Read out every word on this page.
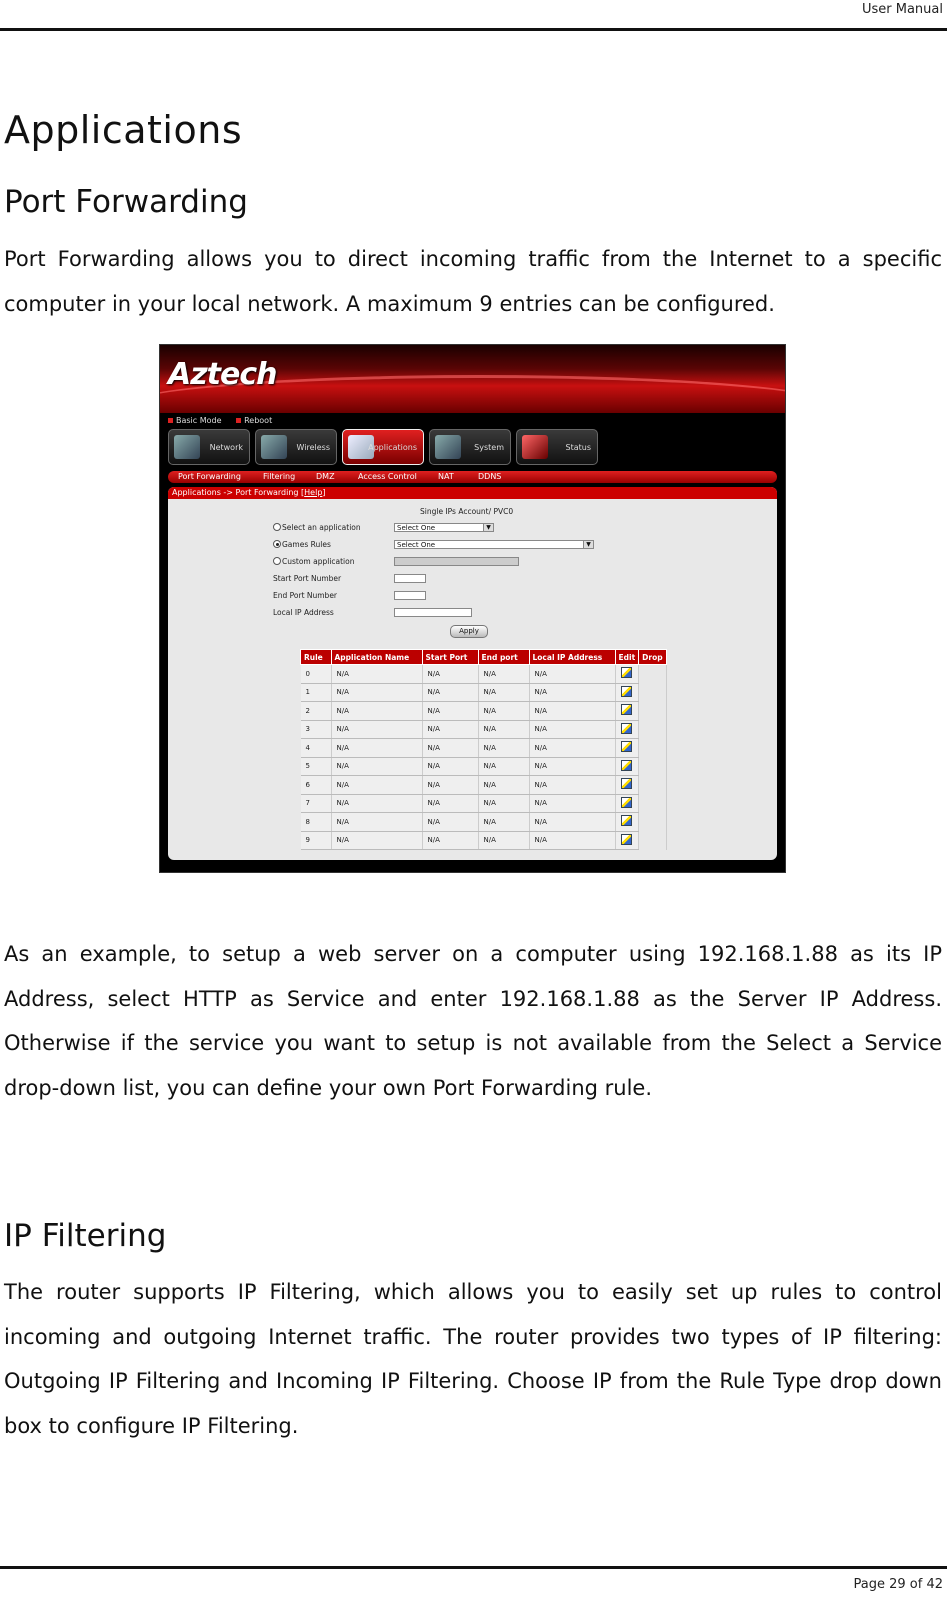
User Manual
Applications
Port Forwarding

Port Forwarding allows you to direct incoming traffic from the Internet to a specific computer in your local network. A maximum 9 entries can be configured.

Aztech
Basic Mode	Reboot
Network	Wireless	Applications	System	Status
Port Forwarding	Filtering	DMZ	Access Control	NAT	DDNS
Applications -> Port Forwarding [Help]
Single IPs Account/ PVC0
Select an application	Select One	▼
Games Rules	Select One	▼
Custom application
Start Port Number
End Port Number
Local IP Address
Apply
Rule	Application Name	Start Port	End port	Local IP Address	Edit	Drop
0	N/A	N/A	N/A	N/A		
1	N/A	N/A	N/A	N/A		
2	N/A	N/A	N/A	N/A		
3	N/A	N/A	N/A	N/A		
4	N/A	N/A	N/A	N/A		
5	N/A	N/A	N/A	N/A		
6	N/A	N/A	N/A	N/A		
7	N/A	N/A	N/A	N/A		
8	N/A	N/A	N/A	N/A		
9	N/A	N/A	N/A	N/A		

As an example, to setup a web server on a computer using 192.168.1.88 as its IP Address, select HTTP as Service and enter 192.168.1.88 as the Server IP Address. Otherwise if the service you want to setup is not available from the Select a Service drop-down list, you can define your own Port Forwarding rule.

IP Filtering

The router supports IP Filtering, which allows you to easily set up rules to control incoming and outgoing Internet traffic. The router provides two types of IP filtering: Outgoing IP Filtering and Incoming IP Filtering. Choose IP from the Rule Type drop down box to configure IP Filtering.

Page 29 of 42
